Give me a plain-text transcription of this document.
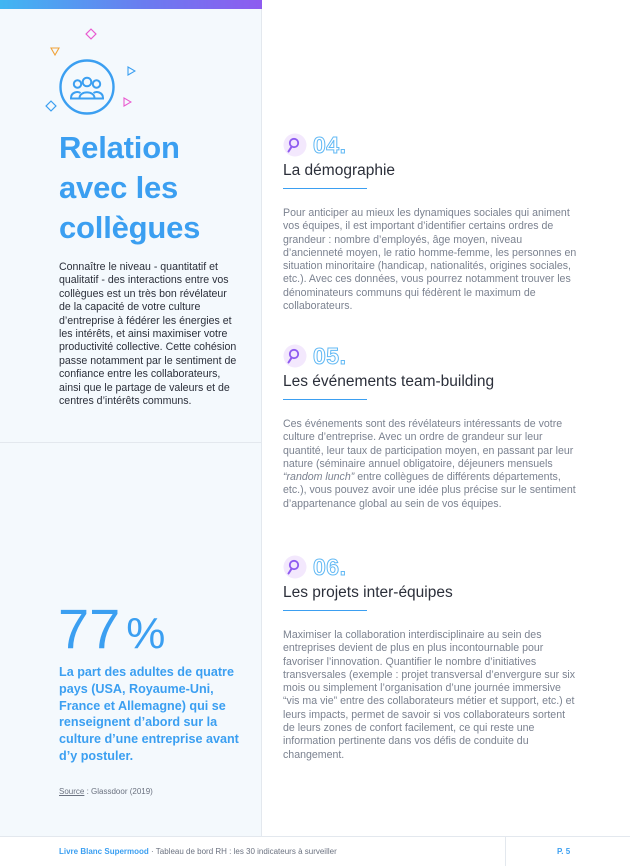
Relation
avec les
collègues

Connaître le niveau - quantitatif et qualitatif - des interactions entre vos collègues est un très bon révélateur de la capacité de votre culture d’entreprise à fédérer les énergies et les intérêts, et ainsi maximiser votre productivité collective. Cette cohésion passe notamment par le sentiment de confiance entre les collaborateurs, ainsi que le partage de valeurs et de centres d’intérêts communs.

77 %

La part des adultes de quatre pays (USA, Royaume-Uni, France et Allemagne) qui se renseignent d’abord sur la culture d’une entreprise avant d’y postuler.

Source : Glassdoor (2019)
04.
La démographie

Pour anticiper au mieux les dynamiques sociales qui animent vos équipes, il est important d’identifier certains ordres de grandeur : nombre d’employés, âge moyen, niveau d’ancienneté moyen, le ratio homme-femme, les personnes en situation minoritaire (handicap, nationalités, origines sociales, etc.). Avec ces données, vous pourrez notamment trouver les dénominateurs communs qui fédèrent le maximum de collaborateurs.

05.
Les événements team-building

Ces événements sont des révélateurs intéressants de votre culture d’entreprise. Avec un ordre de grandeur sur leur quantité, leur taux de participation moyen, en passant par leur nature (séminaire annuel obligatoire, déjeuners mensuels “random lunch” entre collègues de différents départements, etc.), vous pouvez avoir une idée plus précise sur le sentiment d’appartenance global au sein de vos équipes.

06.
Les projets inter-équipes

Maximiser la collaboration interdisciplinaire au sein des entreprises devient de plus en plus incontournable pour favoriser l’innovation. Quantifier le nombre d’initiatives transversales (exemple : projet transversal d’envergure sur six mois ou simplement l’organisation d’une journée immersive “vis ma vie” entre des collaborateurs métier et support, etc.) et leurs impacts, permet de savoir si vos collaborateurs sortent de leurs zones de confort facilement, ce qui reste une information pertinente dans vos défis de conduite du changement.

Livre Blanc Supermood · Tableau de bord RH : les 30 indicateurs à surveiller	P. 5
